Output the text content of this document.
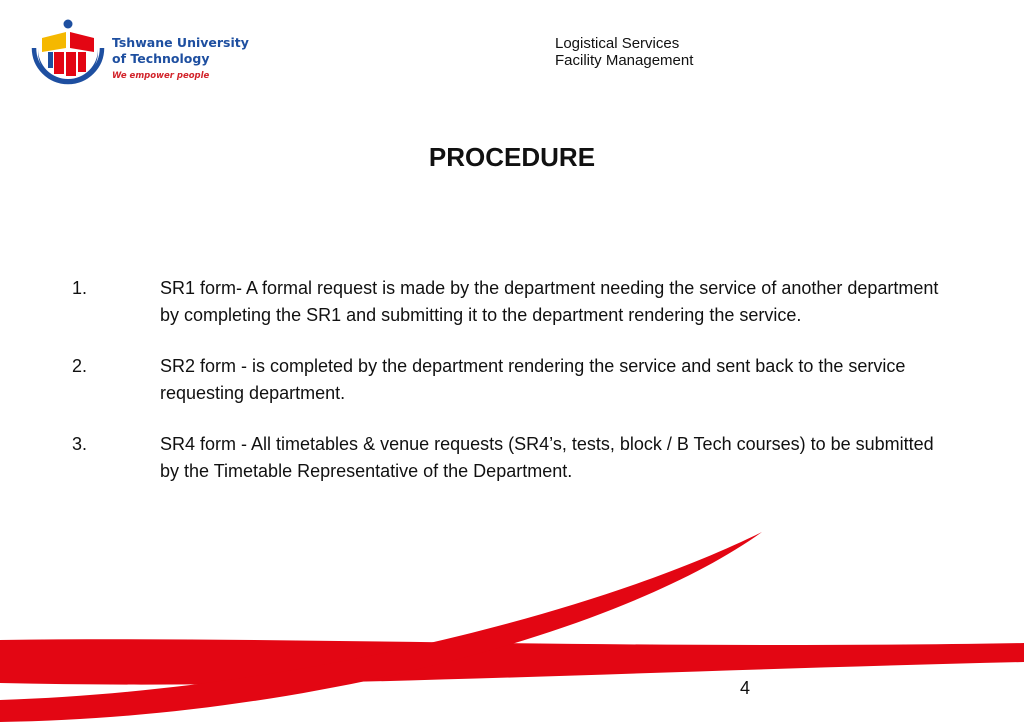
Tshwane University
of Technology
We empower people
Logistical Services
Facility Management
PROCEDURE
1.	SR1 form- A formal request is made by the department needing the service of another department by completing the SR1 and submitting it to the department rendering the service.
2.	SR2 form - is completed by the department rendering the service and sent back to the service requesting department.
3.	SR4 form - All timetables & venue requests (SR4’s, tests, block / B Tech courses) to be submitted by the Timetable Representative of the Department.
4
